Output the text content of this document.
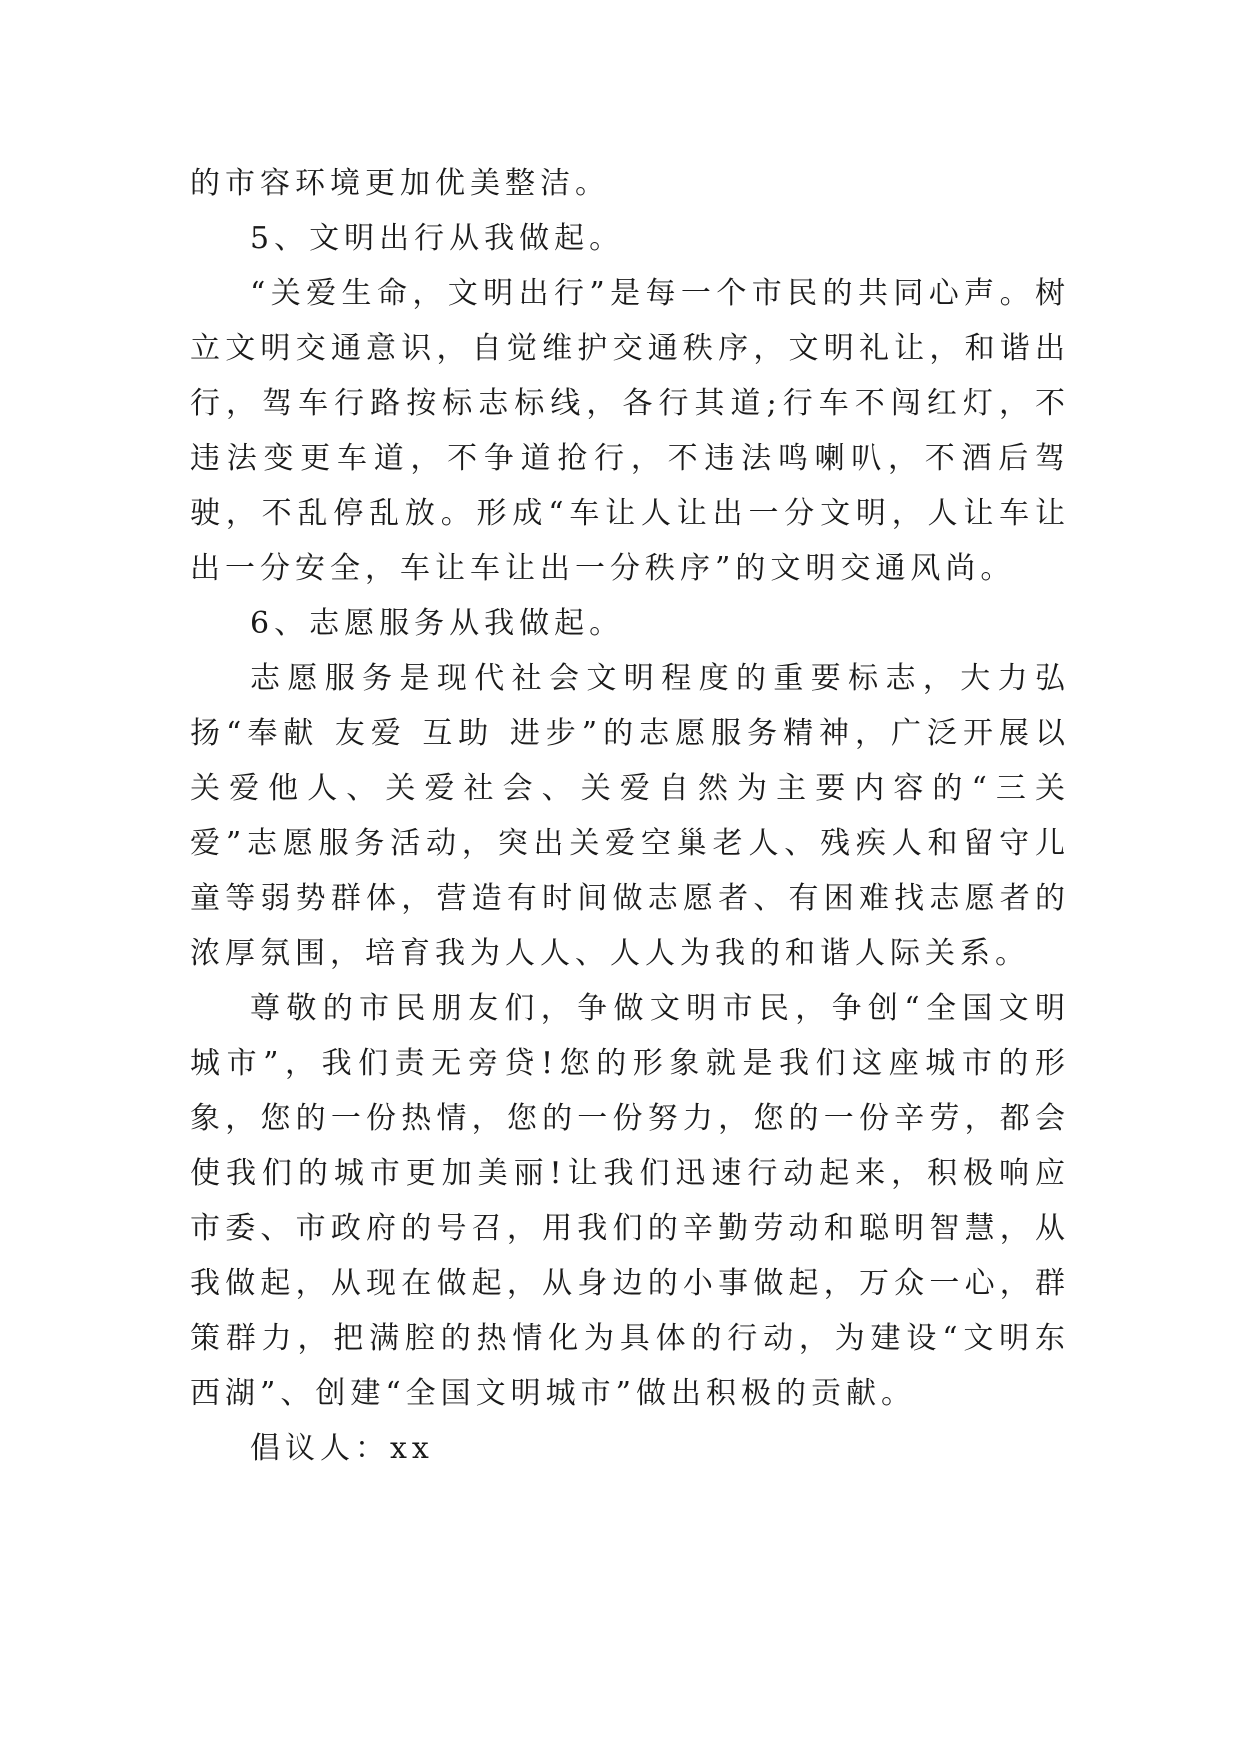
的市容环境更加优美整洁。

5、文明出行从我做起。

“关爱生命，文明出行”是每一个市民的共同心声。树立文明交通意识，自觉维护交通秩序，文明礼让，和谐出行，驾车行路按标志标线，各行其道;行车不闯红灯，不违法变更车道，不争道抢行，不违法鸣喇叭，不酒后驾驶，不乱停乱放。形成“车让人让出一分文明，人让车让出一分安全，车让车让出一分秩序”的文明交通风尚。

6、志愿服务从我做起。

志愿服务是现代社会文明程度的重要标志，大力弘扬“奉献 友爱 互助 进步”的志愿服务精神，广泛开展以关爱他人、关爱社会、关爱自然为主要内容的“三关爱”志愿服务活动，突出关爱空巢老人、残疾人和留守儿童等弱势群体，营造有时间做志愿者、有困难找志愿者的浓厚氛围，培育我为人人、人人为我的和谐人际关系。

尊敬的市民朋友们，争做文明市民，争创“全国文明城市”，我们责无旁贷!您的形象就是我们这座城市的形象，您的一份热情，您的一份努力，您的一份辛劳，都会使我们的城市更加美丽!让我们迅速行动起来，积极响应市委、市政府的号召，用我们的辛勤劳动和聪明智慧，从我做起，从现在做起，从身边的小事做起，万众一心，群策群力，把满腔的热情化为具体的行动，为建设“文明东西湖”、创建“全国文明城市”做出积极的贡献。

倡议人：xx
